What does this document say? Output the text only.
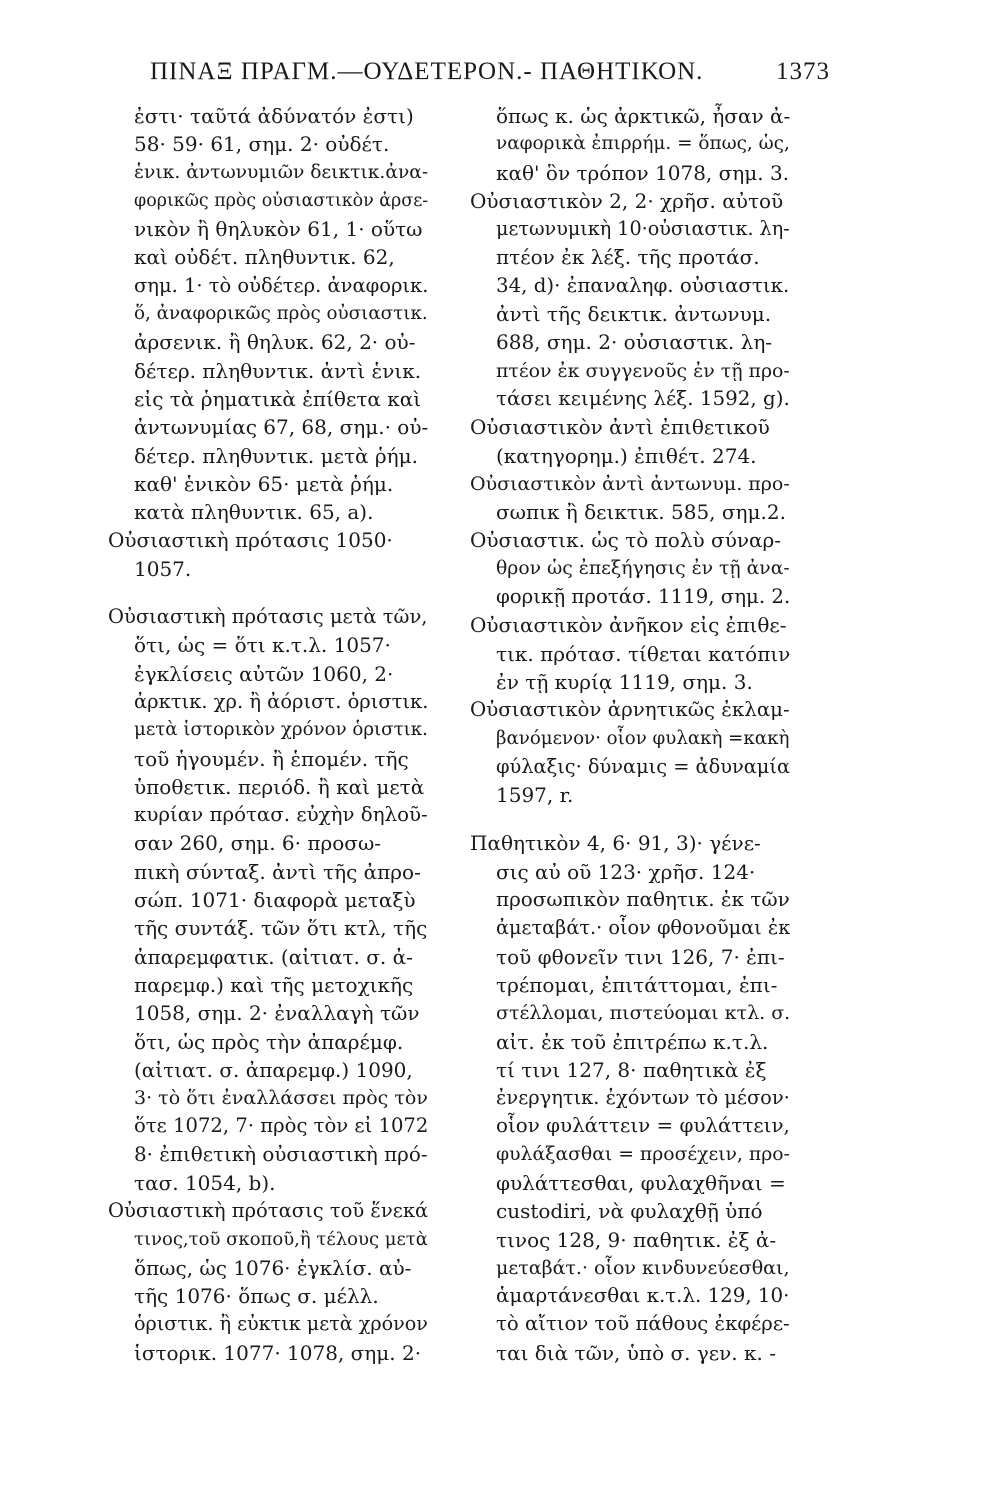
ΠΙΝΑΞ ΠΡΑΓΜ.—ΟΥΔΕΤΕΡΟΝ.- ΠΑΘΗΤΙΚΟΝ.	1373
ἐστι· ταῦτά ἀδύνατόν ἐστι)
58· 59· 61, σημ. 2· οὐδέτ.
ἑνικ. ἀντωνυμιῶν δεικτικ.ἀνα-
φορικῶς πρὸς οὐσιαστικὸν ἀρσε-
νικὸν ἢ θηλυκὸν 61, 1· οὕτω
καὶ οὐδέτ. πληθυντικ. 62,
σημ. 1· τὸ οὐδέτερ. ἀναφορικ.
ὅ, ἀναφορικῶς πρὸς οὐσιαστικ.
ἀρσενικ. ἢ θηλυκ. 62, 2· οὐ-
δέτερ. πληθυντικ. ἀντὶ ἑνικ.
εἰς τὰ ῥηματικὰ ἐπίθετα καὶ
ἀντωνυμίας 67, 68, σημ.· οὐ-
δέτερ. πληθυντικ. μετὰ ῥήμ.
καθ' ἑνικὸν 65· μετὰ ῥήμ.
κατὰ πληθυντικ. 65, a).
Οὐσιαστικὴ πρότασις 1050·
1057.
Οὐσιαστικὴ πρότασις μετὰ τῶν,
ὅτι, ὡς = ὅτι κ.τ.λ. 1057·
ἐγκλίσεις αὐτῶν 1060, 2·
ἀρκτικ. χρ. ἢ ἀόριστ. ὁριστικ.
μετὰ ἱστορικὸν χρόνον ὁριστικ.
τοῦ ἡγουμέν. ἢ ἑπομέν. τῆς
ὑποθετικ. περιόδ. ἢ καὶ μετὰ
κυρίαν πρότασ. εὐχὴν δηλοῦ-
σαν 260, σημ. 6· προσω-
πικὴ σύνταξ. ἀντὶ τῆς ἀπρο-
σώπ. 1071· διαφορὰ μεταξὺ
τῆς συντάξ. τῶν ὅτι κτλ, τῆς
ἀπαρεμφατικ. (αἰτιατ. σ. ἀ-
παρεμφ.) καὶ τῆς μετοχικῆς
1058, σημ. 2· ἐναλλαγὴ τῶν
ὅτι, ὡς πρὸς τὴν ἀπαρέμφ.
(αἰτιατ. σ. ἀπαρεμφ.) 1090,
3· τὸ ὅτι ἐναλλάσσει πρὸς τὸν
ὅτε 1072, 7· πρὸς τὸν εἰ 1072
8· ἐπιθετικὴ οὐσιαστικὴ πρό-
τασ. 1054, b).
Οὐσιαστικὴ πρότασις τοῦ ἕνεκά
τινος,τοῦ σκοποῦ,ἢ τέλους μετὰ
ὅπως, ὡς 1076· ἐγκλίσ. αὐ-
τῆς 1076· ὅπως σ. μέλλ.
ὁριστικ. ἢ εὐκτικ μετὰ χρόνον
ἱστορικ. 1077· 1078, σημ. 2·
ὅπως κ. ὡς ἀρκτικῶ, ἦσαν ἀ-
ναφορικὰ ἐπιρρήμ. = ὅπως, ὡς,
καθ' ὃν τρόπον 1078, σημ. 3.
Οὐσιαστικὸν 2, 2· χρῆσ. αὐτοῦ
μετωνυμικὴ 10·οὐσιαστικ. λη-
πτέον ἐκ λέξ. τῆς προτάσ.
34, d)· ἐπαναληφ. οὐσιαστικ.
ἀντὶ τῆς δεικτικ. ἀντωνυμ.
688, σημ. 2· οὐσιαστικ. λη-
πτέον ἐκ συγγενοῦς ἐν τῇ προ-
τάσει κειμένης λέξ. 1592, g).
Οὐσιαστικὸν ἀντὶ ἐπιθετικοῦ
(κατηγορημ.) ἐπιθέτ. 274.
Οὐσιαστικὸν ἀντὶ ἀντωνυμ. προ-
σωπικ ἢ δεικτικ. 585, σημ.2.
Οὐσιαστικ. ὡς τὸ πολὺ σύναρ-
θρον ὡς ἐπεξήγησις ἐν τῇ ἀνα-
φορικῇ προτάσ. 1119, σημ. 2.
Οὐσιαστικὸν ἀνῆκον εἰς ἐπιθε-
τικ. πρότασ. τίθεται κατόπιν
ἐν τῇ κυρίᾳ 1119, σημ. 3.
Οὐσιαστικὸν ἀρνητικῶς ἐκλαμ-
βανόμενον· οἷον φυλακὴ =κακὴ
φύλαξις· δύναμις = ἀδυναμία
1597, r.
Παθητικὸν 4, 6· 91, 3)· γένε-
σις αὐ οῦ 123· χρῆσ. 124·
προσωπικὸν παθητικ. ἐκ τῶν
ἀμεταβάτ.· οἷον φθονοῦμαι ἐκ
τοῦ φθονεῖν τινι 126, 7· ἐπι-
τρέπομαι, ἐπιτάττομαι, ἐπι-
στέλλομαι, πιστεύομαι κτλ. σ.
αἰτ. ἐκ τοῦ ἐπιτρέπω κ.τ.λ.
τί τινι 127, 8· παθητικὰ ἐξ
ἐνεργητικ. ἐχόντων τὸ μέσον·
οἷον φυλάττειν = φυλάττειν,
φυλάξασθαι = προσέχειν, προ-
φυλάττεσθαι, φυλαχθῆναι =
custodiri, νὰ φυλαχθῇ ὑπό
τινος 128, 9· παθητικ. ἐξ ἀ-
μεταβάτ.· οἷον κινδυνεύεσθαι,
ἁμαρτάνεσθαι κ.τ.λ. 129, 10·
τὸ αἴτιον τοῦ πάθους ἐκφέρε-
ται διὰ τῶν, ὑπὸ σ. γεν. κ. -
